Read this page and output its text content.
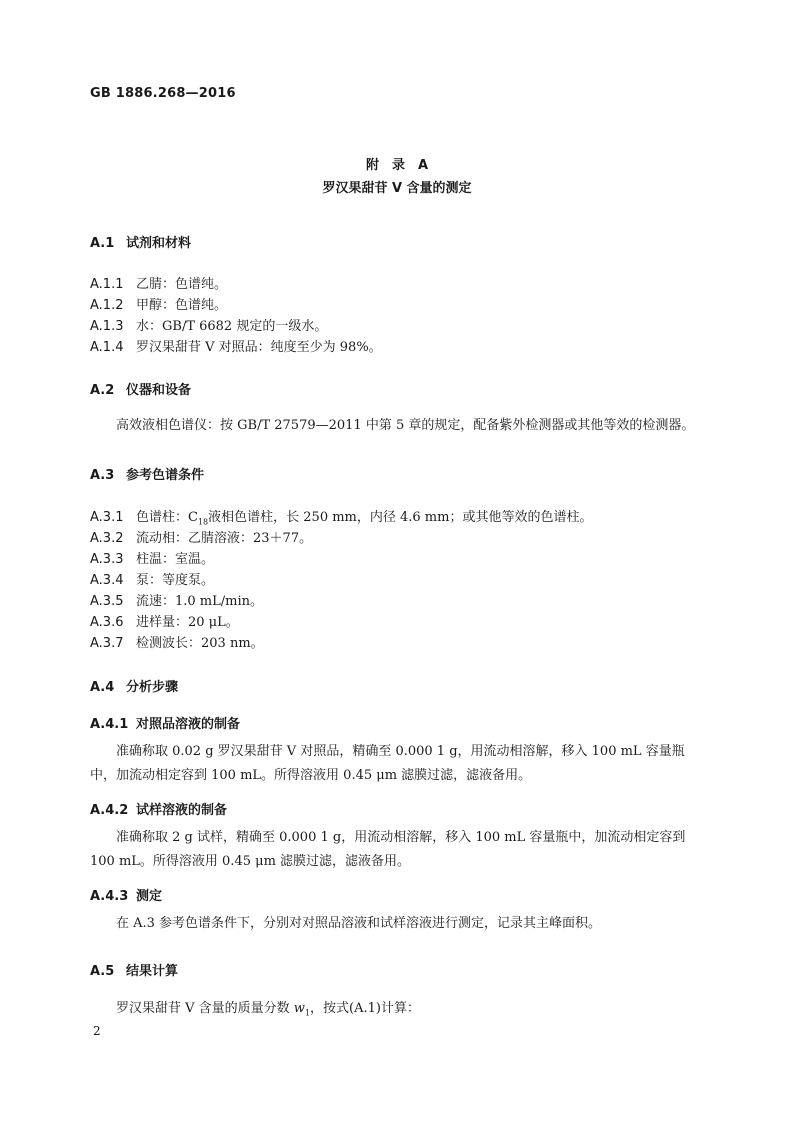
GB 1886.268—2016
附　录　A
罗汉果甜苷 V 含量的测定
A.1 试剂和材料
A.1.1 乙腈：色谱纯。
A.1.2 甲醇：色谱纯。
A.1.3 水：GB/T 6682 规定的一级水。
A.1.4 罗汉果甜苷 V 对照品：纯度至少为 98%。
A.2 仪器和设备
高效液相色谱仪：按 GB/T 27579—2011 中第 5 章的规定，配备紫外检测器或其他等效的检测器。
A.3 参考色谱条件
A.3.1 色谱柱：$C_{18}$液相色谱柱，长 250 mm，内径 4.6 mm；或其他等效的色谱柱。
A.3.2 流动相：乙腈溶液：23＋77。
A.3.3 柱温：室温。
A.3.4 泵：等度泵。
A.3.5 流速：1.0 mL/min。
A.3.6 进样量：20 μL。
A.3.7 检测波长：203 nm。
A.4 分析步骤
A.4.1 对照品溶液的制备
准确称取 0.02 g 罗汉果甜苷 V 对照品，精确至 0.000 1 g，用流动相溶解，移入 100 mL 容量瓶中，加流动相定容到 100 mL。所得溶液用 0.45 μm 滤膜过滤，滤液备用。
A.4.2 试样溶液的制备
准确称取 2 g 试样，精确至 0.000 1 g，用流动相溶解，移入 100 mL 容量瓶中，加流动相定容到 100 mL。所得溶液用 0.45 μm 滤膜过滤，滤液备用。
A.4.3 测定
在 A.3 参考色谱条件下，分别对对照品溶液和试样溶液进行测定，记录其主峰面积。
A.5 结果计算
罗汉果甜苷 V 含量的质量分数 $w_1$，按式(A.1)计算：
2
